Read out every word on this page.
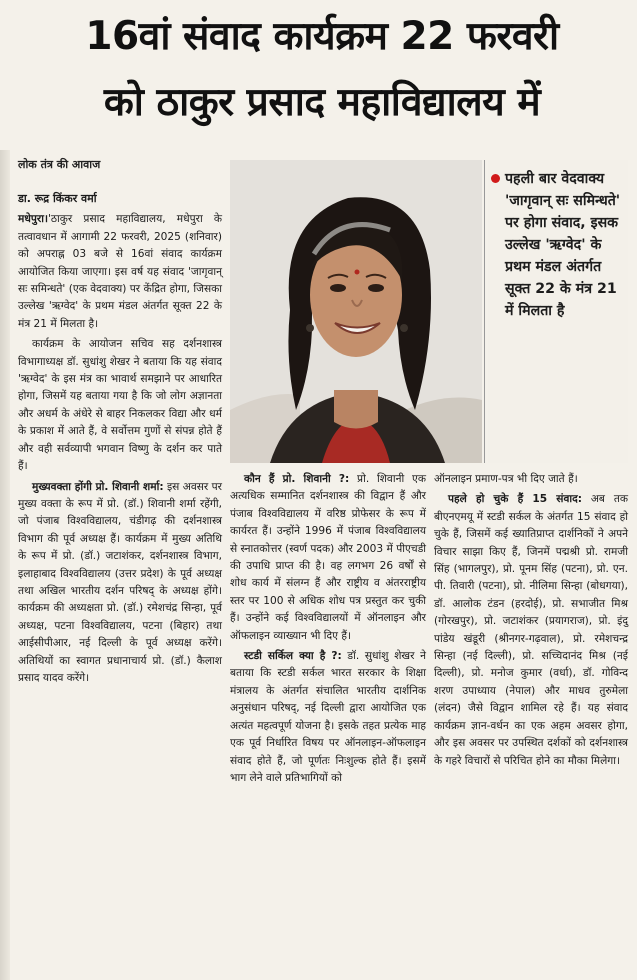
16वां संवाद कार्यक्रम 22 फरवरी
को ठाकुर प्रसाद महाविद्यालय में
लोक तंत्र की आवाज
डा. रूद्र किंकर वर्मा

मधेपुरा।'ठाकुर प्रसाद महाविद्यालय, मधेपुरा के तत्वावधान में आगामी 22 फरवरी, 2025 (शनिवार) को अपराह्न 03 बजे से 16वां संवाद कार्यक्रम आयोजित किया जाएगा। इस वर्ष यह संवाद 'जागृवान् सः समिन्धते' (एक वेदवाक्य) पर केंद्रित होगा, जिसका उल्लेख 'ऋग्वेद' के प्रथम मंडल अंतर्गत सूक्त 22 के मंत्र 21 में मिलता है।

कार्यक्रम के आयोजन सचिव सह दर्शनशास्त्र विभागाध्यक्ष डॉ. सुधांशु शेखर ने बताया कि यह संवाद 'ऋग्वेद' के इस मंत्र का भावार्थ समझाने पर आधारित होगा, जिसमें यह बताया गया है कि जो लोग अज्ञानता और अधर्म के अंधेरे से बाहर निकलकर विद्या और धर्म के प्रकाश में आते हैं, वे सर्वोत्तम गुणों से संपन्न होते हैं और वही सर्वव्यापी भगवान विष्णु के दर्शन कर पाते हैं।

मुख्यवक्ता होंगी प्रो. शिवानी शर्मा: इस अवसर पर मुख्य वक्ता के रूप में प्रो. (डॉ.) शिवानी शर्मा रहेंगी, जो पंजाब विश्वविद्यालय, चंडीगढ़ की दर्शनशास्त्र विभाग की पूर्व अध्यक्ष हैं। कार्यक्रम में मुख्य अतिथि के रूप में प्रो. (डॉ.) जटाशंकर, दर्शनशास्त्र विभाग, इलाहाबाद विश्वविद्यालय (उत्तर प्रदेश) के पूर्व अध्यक्ष तथा अखिल भारतीय दर्शन परिषद् के अध्यक्ष होंगे। कार्यक्रम की अध्यक्षता प्रो. (डॉ.) रमेशचंद्र सिन्हा, पूर्व अध्यक्ष, पटना विश्वविद्यालय, पटना (बिहार) तथा आईसीपीआर, नई दिल्ली के पूर्व अध्यक्ष करेंगे। अतिथियों का स्वागत प्रधानाचार्य प्रो. (डॉ.) कैलाश प्रसाद यादव करेंगे।

पहली बार वेदवाक्य 'जागृवान् सः समिन्धते' पर होगा संवाद, इसक उल्लेख 'ऋग्वेद' के प्रथम मंडल अंतर्गत सूक्त 22 के मंत्र 21 में मिलता है

कौन हैं प्रो. शिवानी ?: प्रो. शिवानी एक अत्यधिक सम्मानित दर्शनशास्त्र की विद्वान हैं और पंजाब विश्वविद्यालय में वरिष्ठ प्रोफेसर के रूप में कार्यरत हैं। उन्होंने 1996 में पंजाब विश्वविद्यालय से स्नातकोत्तर (स्वर्ण पदक) और 2003 में पीएचडी की उपाधि प्राप्त की है। वह लगभग 26 वर्षों से शोध कार्य में संलग्न हैं और राष्ट्रीय व अंतरराष्ट्रीय स्तर पर 100 से अधिक शोध पत्र प्रस्तुत कर चुकी हैं। उन्होंने कई विश्वविद्यालयों में ऑनलाइन और ऑफलाइन व्याख्यान भी दिए हैं।

स्टडी सर्किल क्या है ?: डॉ. सुधांशु शेखर ने बताया कि स्टडी सर्कल भारत सरकार के शिक्षा मंत्रालय के अंतर्गत संचालित भारतीय दार्शनिक अनुसंधान परिषद्, नई दिल्ली द्वारा आयोजित एक अत्यंत महत्वपूर्ण योजना है। इसके तहत प्रत्येक माह एक पूर्व निर्धारित विषय पर ऑनलाइन-ऑफलाइन संवाद होते हैं, जो पूर्णतः निःशुल्क होते हैं। इसमें भाग लेने वाले प्रतिभागियों को

ऑनलाइन प्रमाण-पत्र भी दिए जाते हैं।

पहले हो चुके हैं 15 संवाद: अब तक बीएनएमयू में स्टडी सर्कल के अंतर्गत 15 संवाद हो चुके हैं, जिसमें कई ख्यातिप्राप्त दार्शनिकों ने अपने विचार साझा किए हैं, जिनमें पद्मश्री प्रो. रामजी सिंह (भागलपुर), प्रो. पूनम सिंह (पटना), प्रो. एन. पी. तिवारी (पटना), प्रो. नीलिमा सिन्हा (बोधगया), डॉ. आलोक टंडन (हरदोई), प्रो. सभाजीत मिश्र (गोरखपुर), प्रो. जटाशंकर (प्रयागराज), प्रो. इंदु पांडेय खंडूरी (श्रीनगर-गढ़वाल), प्रो. रमेशचन्द्र सिन्हा (नई दिल्ली), प्रो. सच्चिदानंद मिश्र (नई दिल्ली), प्रो. मनोज कुमार (वर्धा), डॉ. गोविन्द शरण उपाध्याय (नेपाल) और माधव तुरुमेला (लंदन) जैसे विद्वान शामिल रहे हैं। यह संवाद कार्यक्रम ज्ञान-वर्धन का एक अहम अवसर होगा, और इस अवसर पर उपस्थित दर्शकों को दर्शनशास्त्र के गहरे विचारों से परिचित होने का मौका मिलेगा।
